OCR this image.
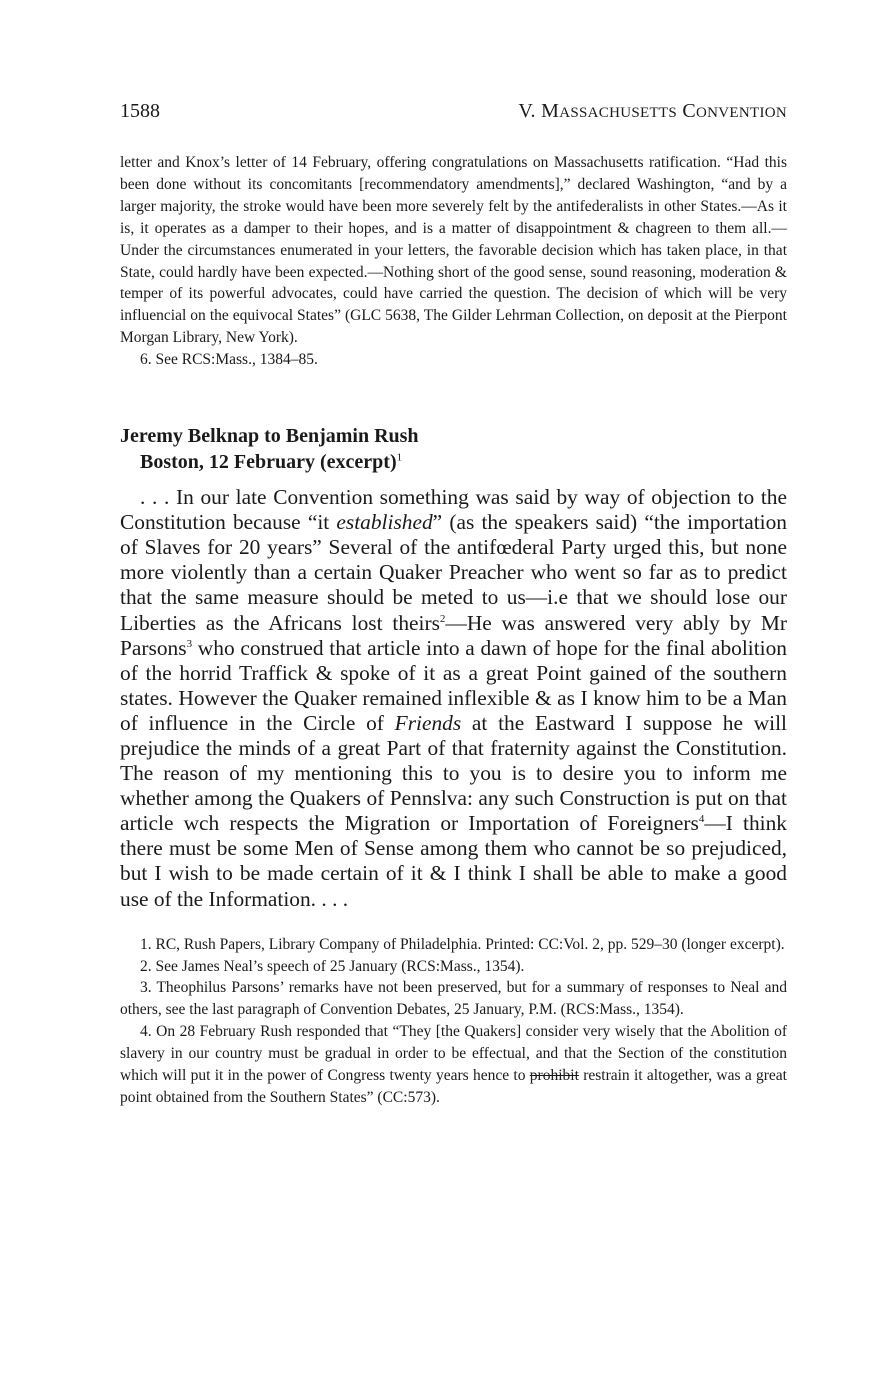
1588	V. MASSACHUSETTS CONVENTION

letter and Knox’s letter of 14 February, offering congratulations on Massachusetts ratification. “Had this been done without its concomitants [recommendatory amendments],” declared Washington, “and by a larger majority, the stroke would have been more severely felt by the antifederalists in other States.—As it is, it operates as a damper to their hopes, and is a matter of disappointment & chagreen to them all.—Under the circumstances enumerated in your letters, the favorable decision which has taken place, in that State, could hardly have been expected.—Nothing short of the good sense, sound reasoning, moderation & temper of its powerful advocates, could have carried the question. The decision of which will be very influencial on the equivocal States” (GLC 5638, The Gilder Lehrman Collection, on deposit at the Pierpont Morgan Library, New York).

6. See RCS:Mass., 1384–85.

Jeremy Belknap to Benjamin Rush
Boston, 12 February (excerpt)$^1$
. . . In our late Convention something was said by way of objection to the Constitution because “it established” (as the speakers said) “the importation of Slaves for 20 years” Several of the antifœderal Party urged this, but none more violently than a certain Quaker Preacher who went so far as to predict that the same measure should be meted to us—i.e that we should lose our Liberties as the Africans lost theirs$^2$—He was answered very ably by Mr Parsons$^3$ who construed that article into a dawn of hope for the final abolition of the horrid Traffick & spoke of it as a great Point gained of the southern states. However the Quaker remained inflexible & as I know him to be a Man of influence in the Circle of Friends at the Eastward I suppose he will prejudice the minds of a great Part of that fraternity against the Constitution. The reason of my mentioning this to you is to desire you to inform me whether among the Quakers of Pennslva: any such Construction is put on that article wch respects the Migration or Importation of Foreigners$^4$—I think there must be some Men of Sense among them who cannot be so prejudiced, but I wish to be made certain of it & I think I shall be able to make a good use of the Information. . . .

1. RC, Rush Papers, Library Company of Philadelphia. Printed: CC:Vol. 2, pp. 529–30 (longer excerpt).

2. See James Neal’s speech of 25 January (RCS:Mass., 1354).

3. Theophilus Parsons’ remarks have not been preserved, but for a summary of responses to Neal and others, see the last paragraph of Convention Debates, 25 January, P.M. (RCS:Mass., 1354).

4. On 28 February Rush responded that “They [the Quakers] consider very wisely that the Abolition of slavery in our country must be gradual in order to be effectual, and that the Section of the constitution which will put it in the power of Congress twenty years hence to prohibit restrain it altogether, was a great point obtained from the Southern States” (CC:573).
